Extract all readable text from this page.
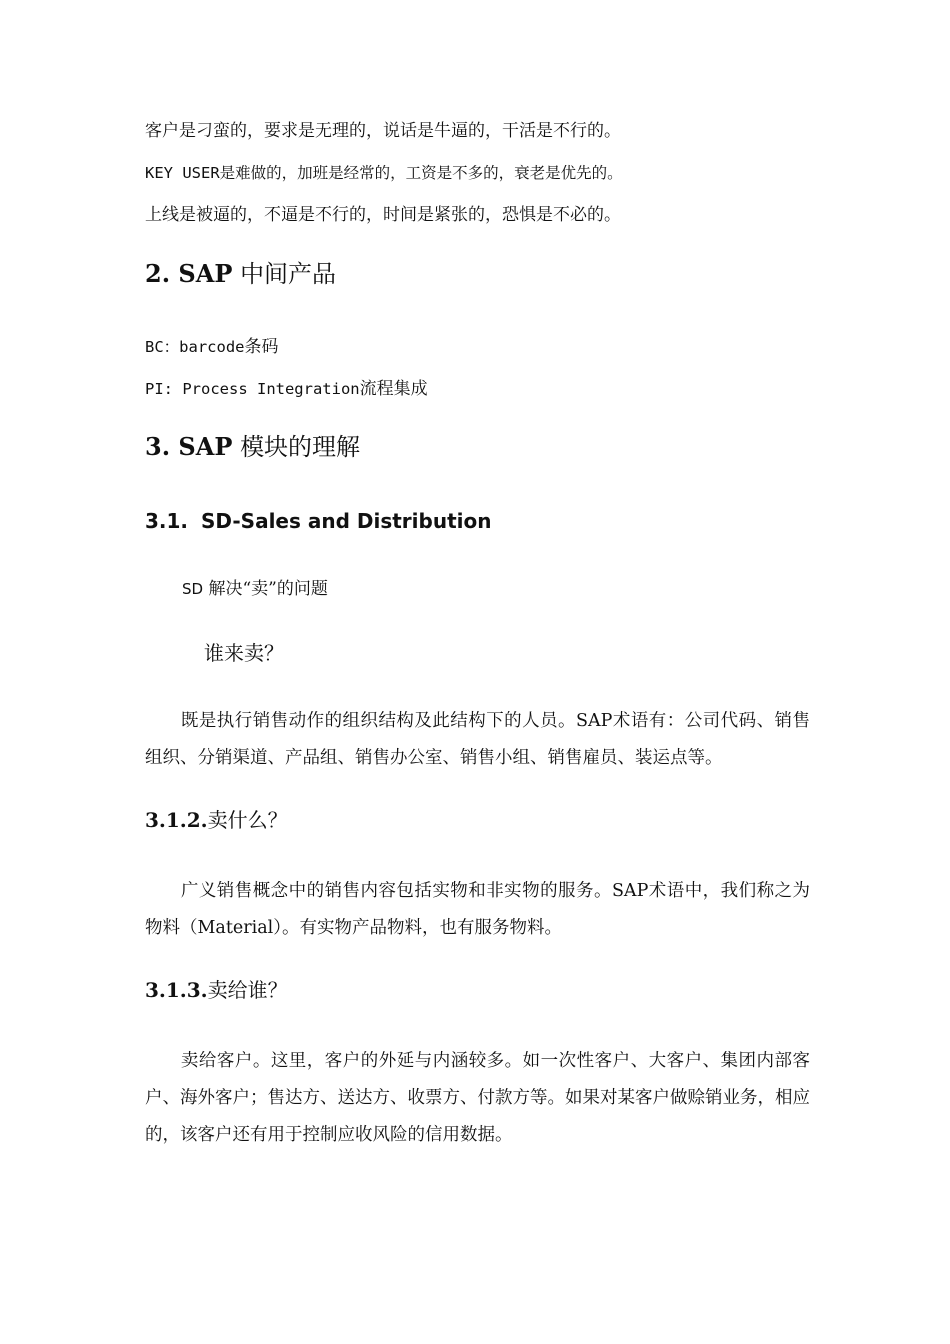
客户是刁蛮的，要求是无理的，说话是牛逼的，干活是不行的。
KEY USER是难做的，加班是经常的，工资是不多的，衰老是优先的。
上线是被逼的，不逼是不行的，时间是紧张的，恐惧是不必的。
2. SAP 中间产品
BC：barcode条码
PI: Process Integration流程集成
3. SAP 模块的理解
3.1. SD-Sales and Distribution
SD 解决“卖”的问题
谁来卖？
既是执行销售动作的组织结构及此结构下的人员。SAP术语有：公司代码、销售组织、分销渠道、产品组、销售办公室、销售小组、销售雇员、装运点等。
3.1.2.卖什么？
广义销售概念中的销售内容包括实物和非实物的服务。SAP术语中，我们称之为物料（Material）。有实物产品物料，也有服务物料。
3.1.3.卖给谁？
卖给客户。这里，客户的外延与内涵较多。如一次性客户、大客户、集团内部客户、海外客户；售达方、送达方、收票方、付款方等。如果对某客户做赊销业务，相应的，该客户还有用于控制应收风险的信用数据。
